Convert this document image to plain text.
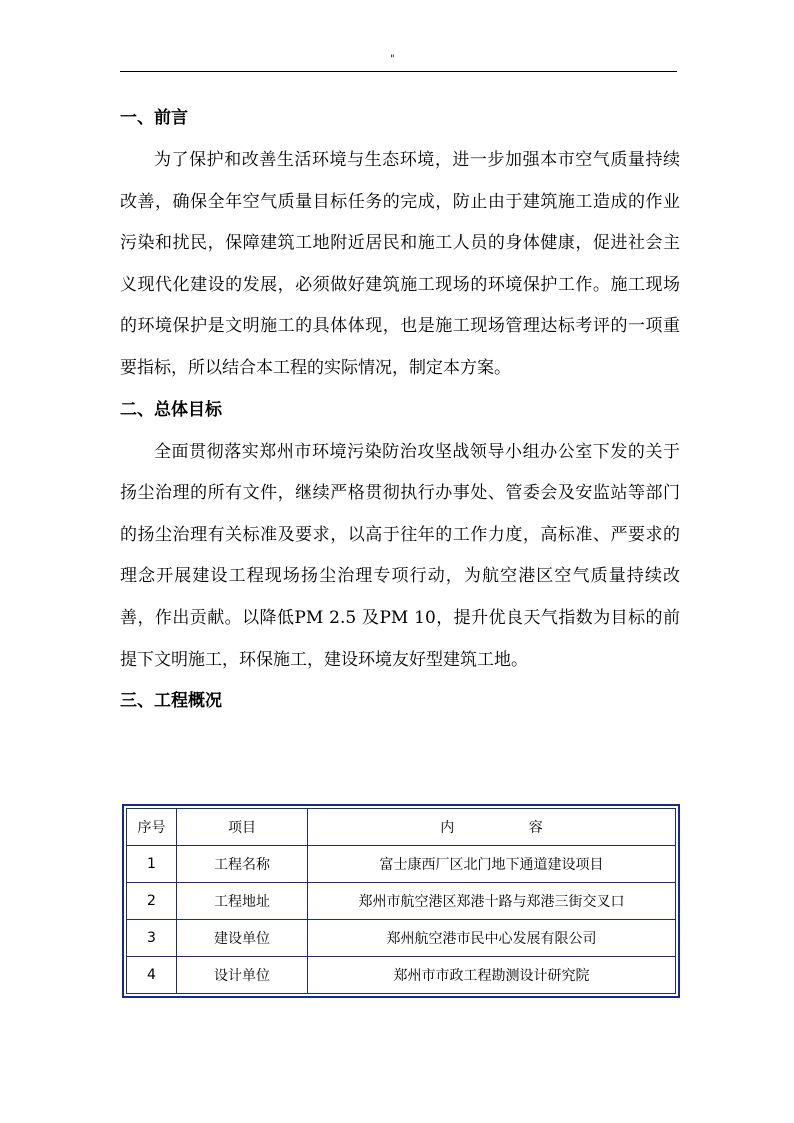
"
一、前言

为了保护和改善生活环境与生态环境，进一步加强本市空气质量持续改善，确保全年空气质量目标任务的完成，防止由于建筑施工造成的作业污染和扰民，保障建筑工地附近居民和施工人员的身体健康，促进社会主义现代化建设的发展，必须做好建筑施工现场的环境保护工作。施工现场的环境保护是文明施工的具体体现，也是施工现场管理达标考评的一项重要指标，所以结合本工程的实际情况，制定本方案。

二、总体目标

全面贯彻落实郑州市环境污染防治攻坚战领导小组办公室下发的关于扬尘治理的所有文件，继续严格贯彻执行办事处、管委会及安监站等部门的扬尘治理有关标准及要求，以高于往年的工作力度，高标准、严要求的理念开展建设工程现场扬尘治理专项行动，为航空港区空气质量持续改善，作出贡献。以降低PM 2.5 及PM 10，提升优良天气指数为目标的前提下文明施工，环保施工，建设环境友好型建筑工地。

三、工程概况
序号	项目	内 容
1	工程名称	富士康西厂区北门地下通道建设项目
2	工程地址	郑州市航空港区郑港十路与郑港三街交叉口
3	建设单位	郑州航空港市民中心发展有限公司
4	设计单位	郑州市市政工程勘测设计研究院
